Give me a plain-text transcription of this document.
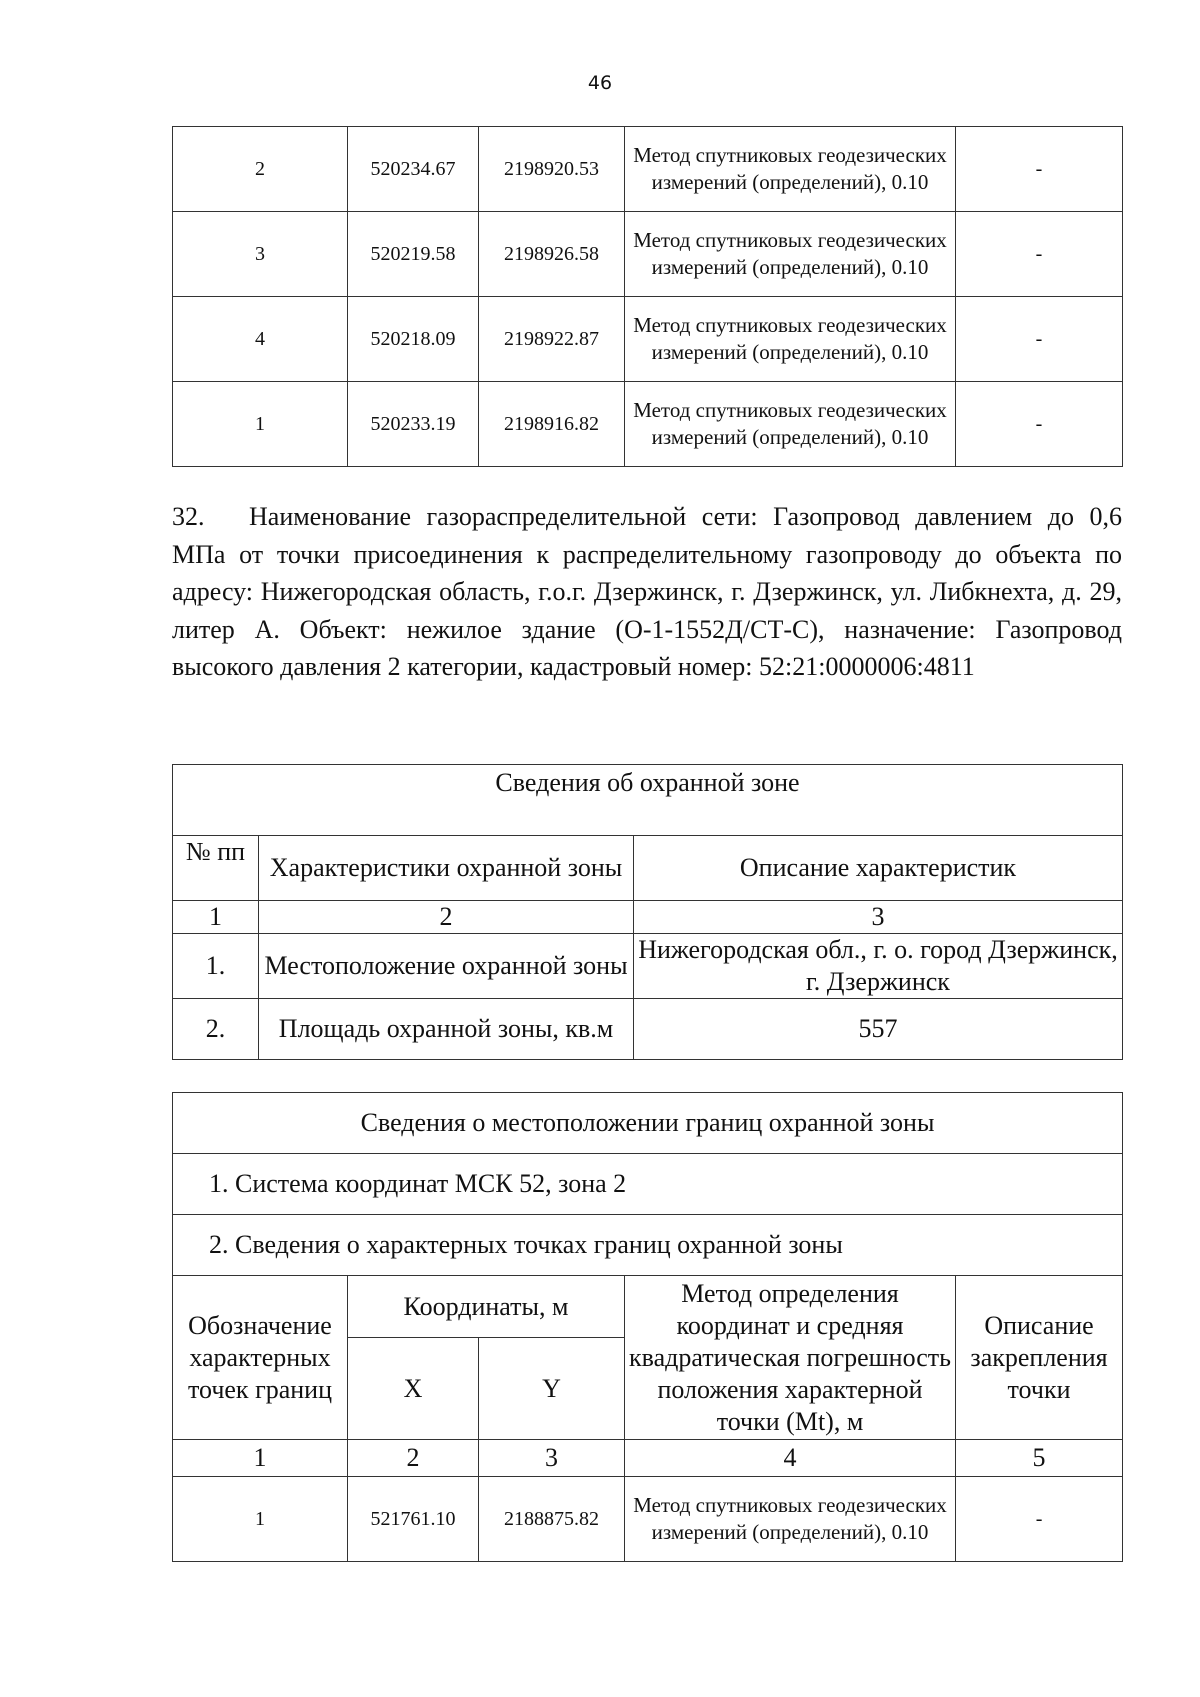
46
2	520234.67	2198920.53	Метод спутниковых геодезических измерений (определений), 0.10	-
3	520219.58	2198926.58	Метод спутниковых геодезических измерений (определений), 0.10	-
4	520218.09	2198922.87	Метод спутниковых геодезических измерений (определений), 0.10	-
1	520233.19	2198916.82	Метод спутниковых геодезических измерений (определений), 0.10	-
32. Наименование газораспределительной сети: Газопровод давлением до 0,6 МПа от точки присоединения к распределительному газопроводу до объекта по адресу: Нижегородская область, г.о.г. Дзержинск, г. Дзержинск, ул. Либкнехта, д. 29, литер А. Объект: нежилое здание (О-1-1552Д/СТ-С), назначение: Газопровод высокого давления 2 категории, кадастровый номер: 52:21:0000006:4811
Сведения об охранной зоне		
№ пп	Характеристики охранной зоны	Описание характеристик
1	2	3
1.	Местоположение охранной зоны	Нижегородская обл., г. о. город Дзержинск, г. Дзержинск
2.	Площадь охранной зоны, кв.м	557
Сведения о местоположении границ охранной зоны				
1. Система координат МСК 52, зона 2				
2. Сведения о характерных точках границ охранной зоны				
Обозначение характерных точек границ	Координаты, м		Метод определения координат и средняя квадратическая погрешность положения характерной точки (Mt), м	Описание закрепления точки
	X	Y		
1	2	3	4	5
1	521761.10	2188875.82	Метод спутниковых геодезических измерений (определений), 0.10	-
